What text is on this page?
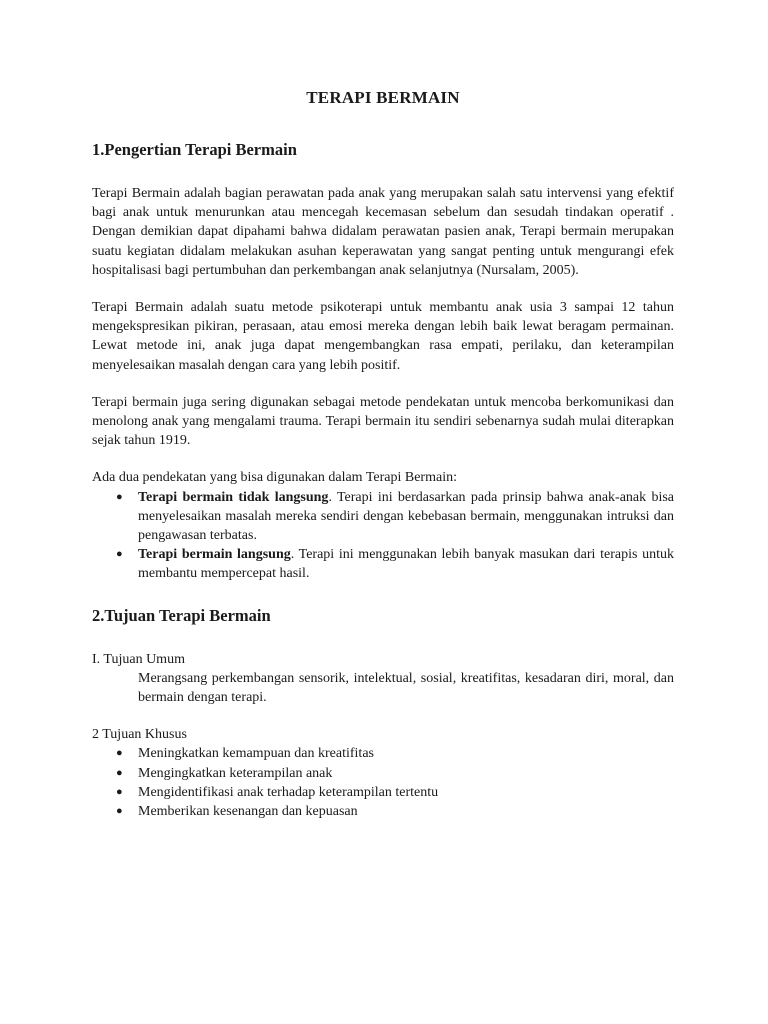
TERAPI BERMAIN
1.Pengertian Terapi Bermain

Terapi Bermain adalah bagian perawatan pada anak yang merupakan salah satu intervensi yang efektif bagi anak untuk menurunkan atau mencegah kecemasan sebelum dan sesudah tindakan operatif . Dengan demikian dapat dipahami bahwa didalam perawatan pasien anak, Terapi bermain merupakan suatu kegiatan didalam melakukan asuhan keperawatan yang sangat penting untuk mengurangi efek hospitalisasi bagi pertumbuhan dan perkembangan anak selanjutnya (Nursalam, 2005).

Terapi Bermain adalah suatu metode psikoterapi untuk membantu anak usia 3 sampai 12 tahun mengekspresikan pikiran, perasaan, atau emosi mereka dengan lebih baik lewat beragam permainan. Lewat metode ini, anak juga dapat mengembangkan rasa empati, perilaku, dan keterampilan menyelesaikan masalah dengan cara yang lebih positif.

Terapi bermain juga sering digunakan sebagai metode pendekatan untuk mencoba berkomunikasi dan menolong anak yang mengalami trauma. Terapi bermain itu sendiri sebenarnya sudah mulai diterapkan sejak tahun 1919.

Ada dua pendekatan yang bisa digunakan dalam Terapi Bermain:

● Terapi bermain tidak langsung. Terapi ini berdasarkan pada prinsip bahwa anak-anak bisa menyelesaikan masalah mereka sendiri dengan kebebasan bermain, menggunakan intruksi dan pengawasan terbatas.
● Terapi bermain langsung. Terapi ini menggunakan lebih banyak masukan dari terapis untuk membantu mempercepat hasil.
2.Tujuan Terapi Bermain

I. Tujuan Umum

Merangsang perkembangan sensorik, intelektual, sosial, kreatifitas, kesadaran diri, moral, dan bermain dengan terapi.

2 Tujuan Khusus

● Meningkatkan kemampuan dan kreatifitas
● Mengingkatkan keterampilan anak
● Mengidentifikasi anak terhadap keterampilan tertentu
● Memberikan kesenangan dan kepuasan
